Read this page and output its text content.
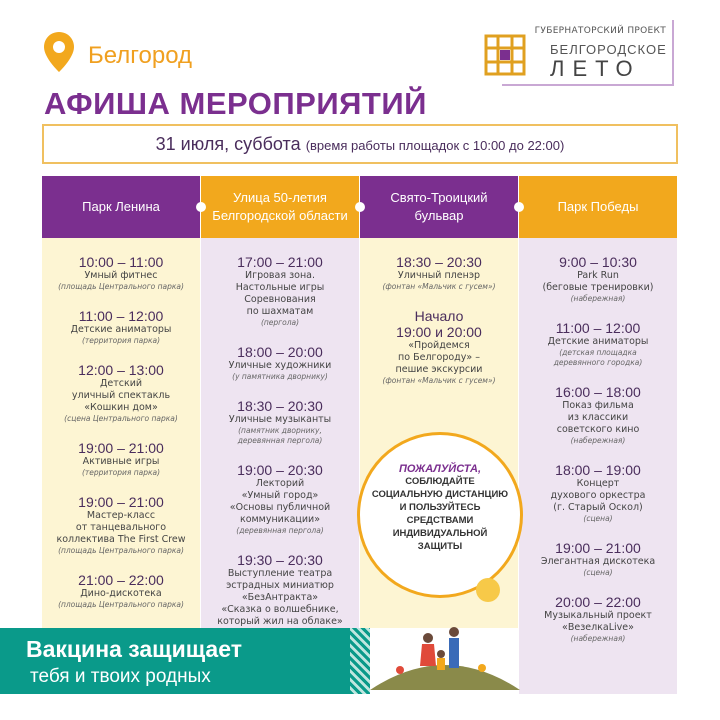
Белгород
АФИША МЕРОПРИЯТИЙ
ГУБЕРНАТОРСКИЙ ПРОЕКТ
БЕЛГОРОДСКОЕ
ЛЕТО
31 июля, суббота (время работы площадок с 10:00 до 22:00)
Парк Ленина
10:00 – 11:00
Умный фитнес
(площадь Центрального парка)
11:00 – 12:00
Детские аниматоры
(территория парка)
12:00 – 13:00
Детский
уличный спектакль
«Кошкин дом»
(сцена Центрального парка)
19:00 – 21:00
Активные игры
(территория парка)
19:00 – 21:00
Мастер-класс
от танцевального
коллектива The First Crew
(площадь Центрального парка)
21:00 – 22:00
Дино-дискотека
(площадь Центрального парка)
Улица 50-летия Белгородской области
17:00 – 21:00
Игровая зона.
Настольные игры
Соревнования
по шахматам
(пергола)
18:00 – 20:00
Уличные художники
(у памятника дворнику)
18:30 – 20:30
Уличные музыканты
(памятник дворнику,
деревянная пергола)
19:00 – 20:30
Лекторий
«Умный город»
«Основы публичной
коммуникации»
(деревянная пергола)
19:30 – 20:30
Выступление театра
эстрадных миниатюр
«БезАнтракта»
«Сказка о волшебнике,
который жил на облаке»
Свято-Троицкий бульвар
18:30 – 20:30
Уличный пленэр
(фонтан «Мальчик с гусем»)
Начало
19:00 и 20:00
«Пройдемся
по Белгороду» –
пешие экскурсии
(фонтан «Мальчик с гусем»)
Парк Победы
9:00 – 10:30
Park Run
(беговые тренировки)
(набережная)
11:00 – 12:00
Детские аниматоры
(детская площадка
деревянного городка)
16:00 – 18:00
Показ фильма
из классики
советского кино
(набережная)
18:00 – 19:00
Концерт
духового оркестра
(г. Старый Оскол)
(сцена)
19:00 – 21:00
Элегантная дискотека
(сцена)
20:00 – 22:00
Музыкальный проект
«ВезелкаLive»
(набережная)
ПОЖАЛУЙСТА,
СОБЛЮДАЙТЕ
СОЦИАЛЬНУЮ ДИСТАНЦИЮ
И ПОЛЬЗУЙТЕСЬ
СРЕДСТВАМИ
ИНДИВИДУАЛЬНОЙ
ЗАЩИТЫ
Вакцина защищает
тебя и твоих родных
